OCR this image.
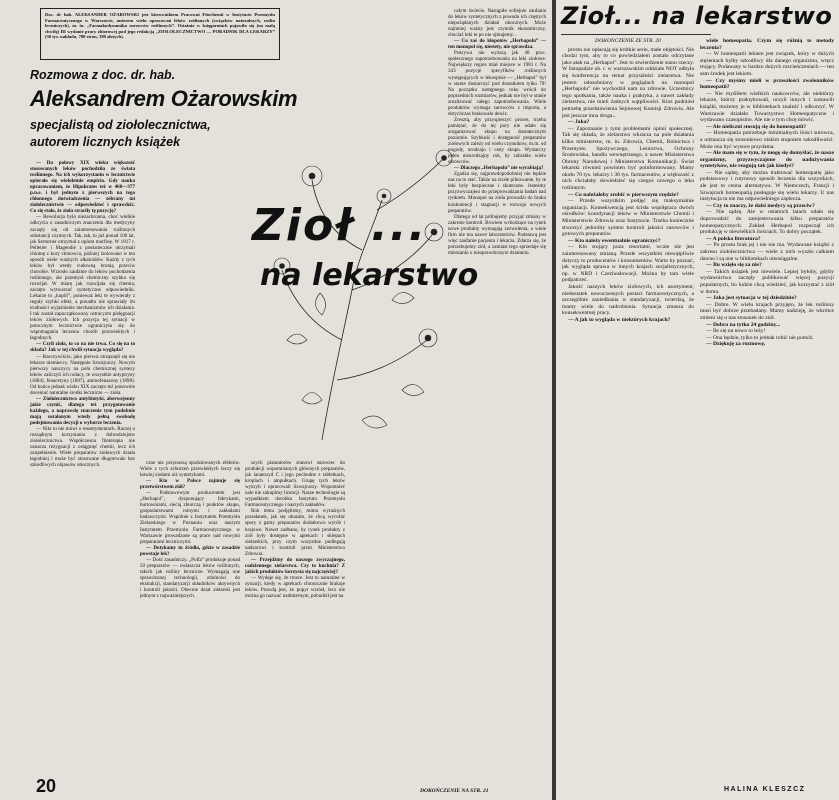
Doc. dr hab. ALEKSANDER OŻAROWSKI jest kierownikiem Pracowni Fitochemii w Instytucie Przemysłu Farmaceutycznego w Warszawie, autorem wielu opracowań leków roślinnych (związków naturalnych, roślin leczniczych), m. in. „Farmakodynamika surowców roślinnych”. Ostatnio w księgarniach pojawiło się (na małą chwilę) III wydanie pracy zbiorowej pod jego redakcją „ZIOŁOLECZNICTWO — PORADNIK DLA LEKARZY” (30 tys. nakładu, 700 stron, 380 złotych).
Rozmowa z doc. dr. hab.
Aleksandrem Ożarowskim
specjalistą od ziołolecznictwa,
autorem licznych książek
Zioł ...
na lekarstwo

— Do połowy XIX wieku większość stosowanych leków pochodziła ze świata roślinnego. Na ich wykorzystaniu w lecznictwie opierało się wieloletnie empiria. Gdy nauka opracowaniem, że Hipokrates też w 460—377 p.n.e. i był jednym z pierwszych na tego chłonnego doświadczenia — zebrany mi ziołolecznictwie — odpowiedzieć i sprawdzić. Co się stało, że zioła straciły tę pozycję?

— Rewolucja była niezachronna, choć wielkie odkrycia o zasadniczym znaczeniu dla medycyny zaczęły się od zainteresowania roślinnych substancji czynnych. Tak, tak, to już ponad 100 lat, jak Serturner otrzymał z opium morfinę. W 1817 r. Pelletier i Magendie z poskutecznie otrzymali chininę z kory chinowca, później izolowano w ten sposób wiele ważnych alkaloidów. Każdy z tych leków był wtedy cudowną bronią przeciw chorobie. Wzrosło zaufanie do leków pochodzenia roślinnego, ale przemysł chemiczny szybko się rozwijał. W miarę jak rozwijała się chemia, zaczęto wytwarzać syntetyczne odpowiedniki. Lekarze to „kupili”, ponieważ leki te wywierały z reguły szybki efekt, a ponadto nie sprawiały im trudności wyjaśnienie mechanizmów ich działania. I tak został zapoczątkowany ostracyzm pielęgnacji leków ziołowych. Ich pozycja tej sytuacji w potocznym lecznictwie ograniczyła się do wspomagania leczenia chorób przewlekłych i łagodnych.

— Czyli zioła, to co na nie trwa. Co się na to składa? Jak w tej chwili sytuacja wygląda?

— Rzeczywiście, jako pierwsi otrząsnęli się nie lekarze niemieccy. Następnie Szwajcarzy. Nowym pierwszy nauczycy na polu chemicznej syntezy leków zaliczyli ich rodacy, te wszystkie antypiryny (1884), fenacetyny (1887), aminofenazony (1898). Od końca jednak wieku XIX zaczęto też ponownie doceniać naturalne środki lecznicze — zioła.

— Ziołolecznictwo antybiotyki, aberwojenny jakie czynić, dlatego też przygotowanie każdego, a naprawdę znaczenie tym podobnie mają ustalonym wtedy pełną swobodę podejmowania decyzji o wyborze leczenia.

— Nikt tu nie mówi o resentymentach. Raczej o rozsądnym korzystaniu z dobrodziejstw ziołolecznictwa. Współczesna fitoterapia nie oznacza rezygnacji z osiągnięć chemii, lecz ich uzupełnienie. Wiele preparatów ziołowych działa łagodniej i może być stosowane długotrwale bez szkodliwych objawów ubocznych.	czne nie przynoszą spodziewanych efektów. Wiele z tych schorzeń przewlekłych leczy się łatwiej ziołami niż syntetykami.

— Kto w Polsce zajmuje się przetwórstwem ziół?

— Podstawowym producentem jest „Herbapol”, dysponujący fabrykami, hurtowniami, siecią zbiorczą i punktów skupu, gospodarstwami rolnymi i zakładami badawczymi. Wspólnie z Instytutem Przemysłu Zielarskiego w Poznaniu oraz naszym Instytutem Przemysłu Farmaceutycznego w Warszawie prowadzone są prace nad nowymi preparatami leczniczymi.

— Dotykamy tu źródła, gdzie w zasadzie powstaje lek?

— Dość zasadniczy. „Polfa” produkuje ponad 50 preparatów — zwłaszcza leków roślinnych, takich jak rośliny lecznicze. Wymagają one sprawdzonej technologii, zdolności do ekstrakcji, standaryzacji składników aktywnych i kontroli jakości. Obecnie dział zielarski jest jednym z najważniejszych.

szych plantatorów stanowi surowiec do produkcji wspomnianych głównych preparatów, jak lanatozyd C i jego pochodne z tabletkach, kroplach i ampułkach. Grupę tych leków wykryli i opracowali Szwajcarzy. Wspomnieć nale nie zakupimy licencji. Nasze technologie są wypadkiem dorobku Instytutu Przemysłu Farmaceutycznego i naszych zakładów.

Rok temu podjęliśmy, mimo wyraźnych przesłanek, jak się okazało, że chcą wycofać spory z gamy preparatów dodatkowo wyrób i krajowe. Nawet zadbano, by rynek produkty z ziół były dostępne w aptekach i sklepach zielarskich, przy czym wszystkie podlegają nadzorowi i kontroli przez Ministerstwo Zdrowia.

— Przejdźmy do naszego zwyczajnego, codziennego zielarstwa. Czy to kuchnia? Z jakich produktów korzysta się najczęściej?

— Wydaje się, że trosce. Jest to naturalne w sytuacji, kiedy w aptekach chronicznie brakuje leków. Prawdą jest, że popyt wzrósł, lecz nie można go nazwać nadmiernym, pobudził jest na

całym świecie. Nastąpiło sollejnie zaufania do leków syntetycznych z powodu ich częstych niepożądanych działań ubocznych. Może najmniej ważny jest czynnik ekonomiczny, chociaż leki te po nie ujmujemy...

— Co zaś do kłopotów „Herbapolu” — ten monopol się, niestety, nie sprawdza.

Pokrywa nie wyższą jak 40 proc. społecznego zapotrzebowania na leki ziołowe. Największy regres miał miejsce w 1981 r. Na 343 pozycje specyfików roślinnych występujących w lekospisie — „Herbapol” był w stanie dostarczyć pod dostatkiem tylko 79! Na początku następnego roku wrócił do poprzednich rozmiarów, jednak nie był w stanie zrealizować całego zapotrzebowania. Wiele produktów wymaga surowców z importu, a dotychczas brakowało dewiz.

Zresztą, aby przyspieszyć proces, trzeba pamiętać, że do tej pory nie udało się zorganizować skupu na dostatecznym poziomie. Szybkość i dostępność preparatów ziołowych zależy od wielu czynników, m.in. od pogody, urodzaju i ceny skupu. Wystarczy jeden nieurodzajny rok, by zabrakło wielu surowców.

— Dlaczego „Herbapolu” nie wyrabiają?

Zgadza się, najprawdopodobniej nie będzie nas na to stać. Także na ścisłe pilnowanie, by te leki były bezpieczne i skuteczne. Jesteśmy przyzwyczajeni do przeprowadzania badań nad rynkiem. Monopol na zioła prowadzi do braku konkurencji i stagnacji w rozwoju nowych preparatów.

Dlatego od lat próbujemy przyjąć zmiany w zakresie kontroli. Bowiem wchodzące na rynek nowe produkty wymagają zezwolenia, a wiele firm nie ma nawet laboratoriów. Podstawą jest więc zaufanie pacjenta i lekarza. Zdarza się, że potrzebujemy ziół, a zamiast tego sprzedaje się mieszanki o niesprawdzonym działaniu.

20	DOKOŃCZENIE NA STR. 21
Zioł... na lekarstwo

DOKOŃCZENIE ZE STR. 20

prostu nie opłacają się krótkie serie, małe objętości. Nie chodzi tym, aby to co powiedziałem zostało odczytane jako atak na „Herbapol”. Jest to stwierdzenie stanu rzeczy. W listopadzie ub. r. w warszawskim oddziale NOT odbyła się konferencja na temat przyszłości zielarstwa. Nie jestem odosobniony w poglądach na monopol „Herbapolu” nie wychodził nam na zdrowie. Uczestnicy tego spotkania, także nauka i praktyka, a nawet zakłady zielarstwa, nie mieli żadnych wątpliwości. Ktoś podniósł potrzebę przedstawienia Sejmowej Komisji Zdrowia. Ale jest jeszcze inna droga...

— Jaka?

— Zapoznanie z tymi problemami opinii społecznej. Tak się składa, że zielarstwo wkracza na pole działania kilku ministerstw, m. in. Zdrowia, Chemii, Rolnictwa i Przemysłu Spożywczego, Leśnictwa, Ochrony Środowiska, handlu wewnętrznego, a nawet Ministerstwa Obrony Narodowej i Ministerstwa Komunikacji. Świat lekarski również powinien być poinformowany. Mamy około 70 tys. lekarzy i 30 tys. farmaceutów, a większość z nich chciałaby dowiedzieć się czegoś nowego o leku roślinnym.

— Co należałoby zrobić w pierwszym rzędzie?

— Przede wszystkim podjęć się maksymalnie organizacji. Konsekwencją jest ścisła współpraca dwóch ośrodków: koordynacji leków w Ministerstwie Chemii i Ministerstwie Zdrowia oraz Instytucie. Trzeba koniecznie stworzyć jednolity system kontroli jakości surowców i gotowych preparatów.

— Kto należy ewentualnie ograniczyć?

— Kto stojący poza resortami, wcale nie jest zainteresowany zmianą. Przede wszystkim niewątpliwie dotyczy to producentów i konsumentów. Warto by poznać, jak wygląda sprawa w innych krajach socjalistycznych, np. w NRD i Czechosłowacji. Można by tam wiele podpatrzeć.

Jakość naszych leków ziołowych, ich asortyment, niedostatek nowoczesnych postaci farmaceutycznych, a szczególnie zaniedbania w standaryzacji, twierdzą, że mamy wiele do nadrobienia. Sytuacja zmusza do konsekwentnej pracy.

— A jak to wygląda w niektórych krajach?

wiele homeopatia. Czym się różnią te metody leczenia?

— W homeopatii lekiem jest związek, który w dużych stężeniach byłby szkodliwy dla danego organizmu, wręcz trujący. Podawany w bardzo dużych rozcieńczeniach — ten sam środek jest lekiem.

— Czy myśmy mieli w przeszłości zwolenników homeopatii?

— Nie myśliłem wielkich naukowców, ale niektórzy lekarze, którzy praktykowali, uczyli innych i zostawili książki, możemy je w bibliotekach znaleźć i odkurzyć. W Warszawie działało Towarzystwo Homeopatyczne i wydawano czasopismo. Ale nie o tym chcę mówić.

— Ale nieliczni stosują się do homeopatii?

— Homeopatia potrzebuje minimalnych ilości surowca, a odznacza się stosunkowo niskim stopniem szkodliwości. Może ona być wysoce przydatna.

— Ale mam się w tym, że mogę się domyślać, że nasze organizmy, przyzwyczajone do nadużywania syntetyków, nie reagują tak jak kiedyś?

— Nie sądzę, aby można traktować homeopatię jako podstawowy i rutynowy sposób leczenia dla wszystkich, ale jest to cenna alternatywa. W Niemczech, Francji i Szwajcarii homeopatią posługuje się wielu lekarzy. U nas instytucja ta nie ma odpowiedniego zaplecza.

— Czy to znaczy, że dalsi medycy są przeciw?

— Nie sądzę. Ale w ostatnich latach udało się doprowadzić do zarejestrowania kilku preparatów homeopatycznych. Zakład Herbapol rozpoczął ich produkcję w niewielkich ilościach. To dobry początek.

— A polska literatura?

— Po prostu brak jej i nie nie ma. Wydawane książki z zakresu ziołolecznictwa — wiele z nich wyszło całkiem dawno i są one w bibliotekach nieosiągalne.

— Ilu wzięło się za nie?

— Takich książek jest niewiele. Lepiej byłoby, gdyby wydawnictwa zaczęły publikować więcej pozycji popularnych, bo ludzie chcą wiedzieć, jak korzystać z ziół w domu.

— Jaka jest sytuacja w tej dziedzinie?

— Dobre. W wielu krajach przyjęto, że lek roślinny musi być dobrze przebadany. Mamy nadzieję, że wkrótce zmieni się u nas stosunek do ziół.

— Dobra na tytko 24 godziny...

— Ile się na nowo to leży!

— Ona będzie, tylko to jednak robić nie pomóż.

— Dziękuję za rozmowę.

HALINA KLESZCZ
